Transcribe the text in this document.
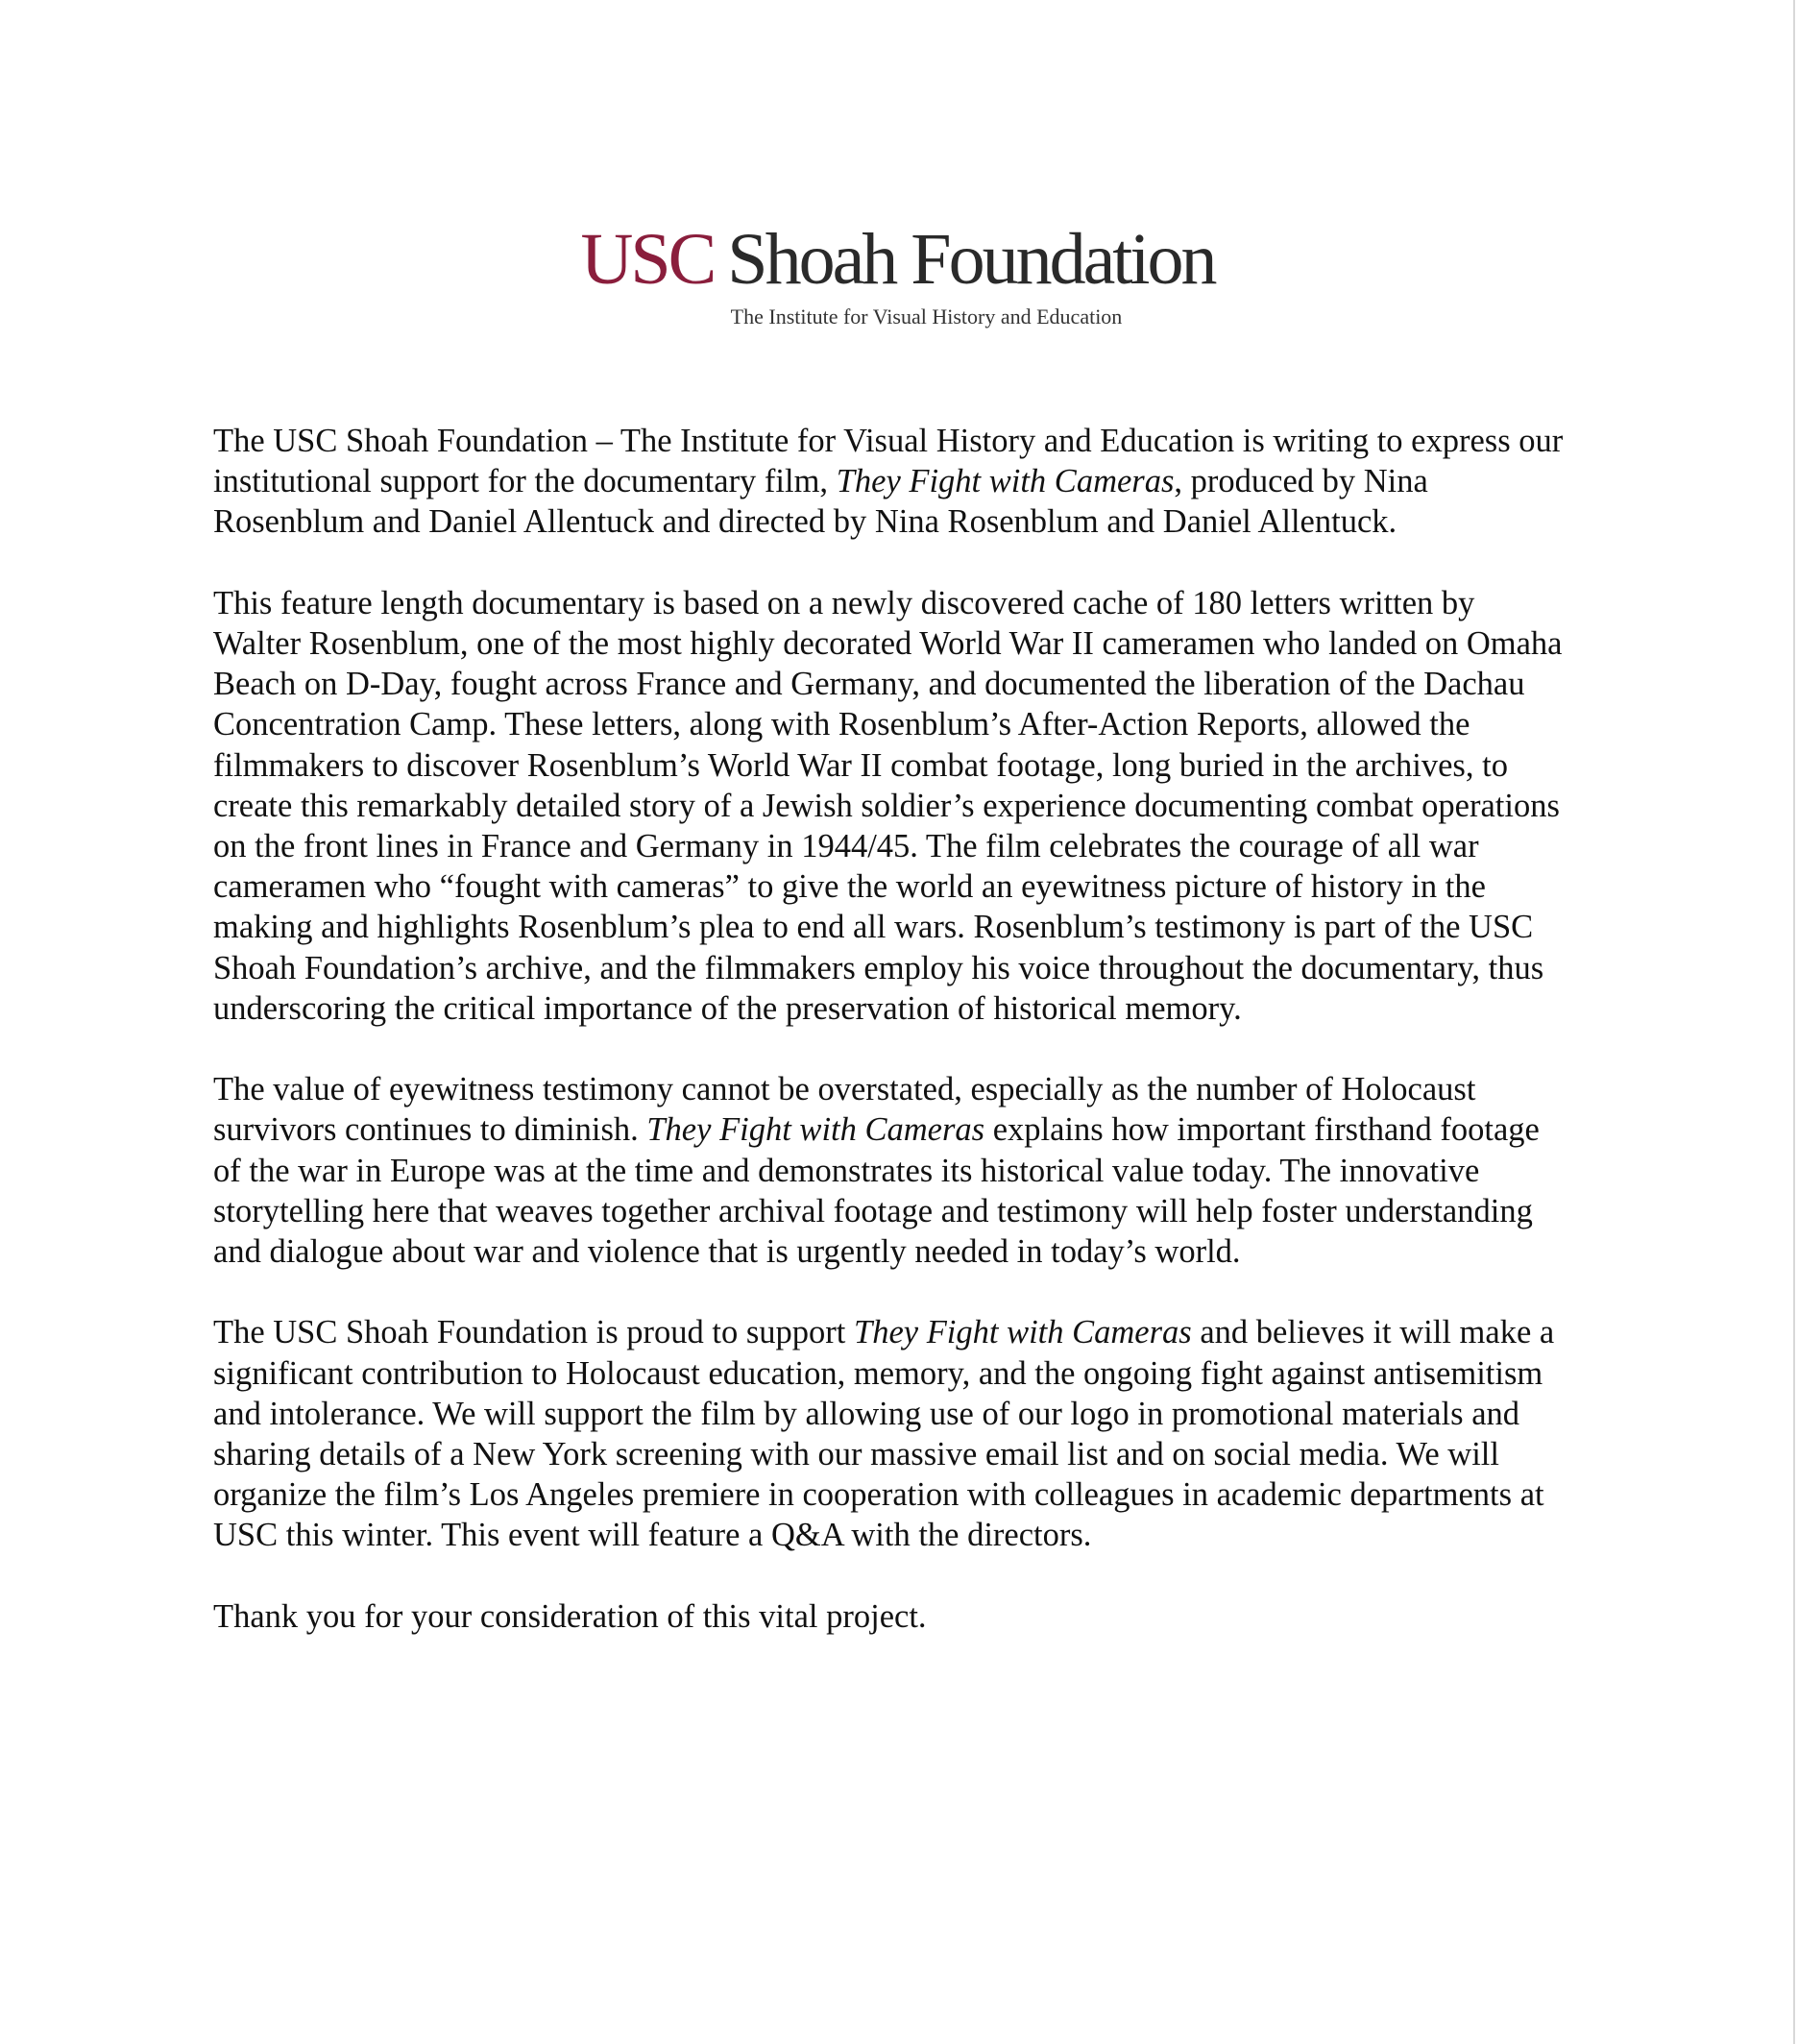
USC Shoah Foundation
The Institute for Visual History and Education

The USC Shoah Foundation – The Institute for Visual History and Education is writing to express our institutional support for the documentary film, They Fight with Cameras, produced by Nina Rosenblum and Daniel Allentuck and directed by Nina Rosenblum and Daniel Allentuck.

This feature length documentary is based on a newly discovered cache of 180 letters written by Walter Rosenblum, one of the most highly decorated World War II cameramen who landed on Omaha Beach on D-Day, fought across France and Germany, and documented the liberation of the Dachau Concentration Camp. These letters, along with Rosenblum’s After-Action Reports, allowed the filmmakers to discover Rosenblum’s World War II combat footage, long buried in the archives, to create this remarkably detailed story of a Jewish soldier’s experience documenting combat operations on the front lines in France and Germany in 1944/45. The film celebrates the courage of all war cameramen who “fought with cameras” to give the world an eyewitness picture of history in the making and highlights Rosenblum’s plea to end all wars. Rosenblum’s testimony is part of the USC Shoah Foundation’s archive, and the filmmakers employ his voice throughout the documentary, thus underscoring the critical importance of the preservation of historical memory.

The value of eyewitness testimony cannot be overstated, especially as the number of Holocaust survivors continues to diminish. They Fight with Cameras explains how important firsthand footage of the war in Europe was at the time and demonstrates its historical value today. The innovative storytelling here that weaves together archival footage and testimony will help foster understanding and dialogue about war and violence that is urgently needed in today’s world.

The USC Shoah Foundation is proud to support They Fight with Cameras and believes it will make a significant contribution to Holocaust education, memory, and the ongoing fight against antisemitism and intolerance. We will support the film by allowing use of our logo in promotional materials and sharing details of a New York screening with our massive email list and on social media. We will organize the film’s Los Angeles premiere in cooperation with colleagues in academic departments at USC this winter. This event will feature a Q&A with the directors.

Thank you for your consideration of this vital project.
